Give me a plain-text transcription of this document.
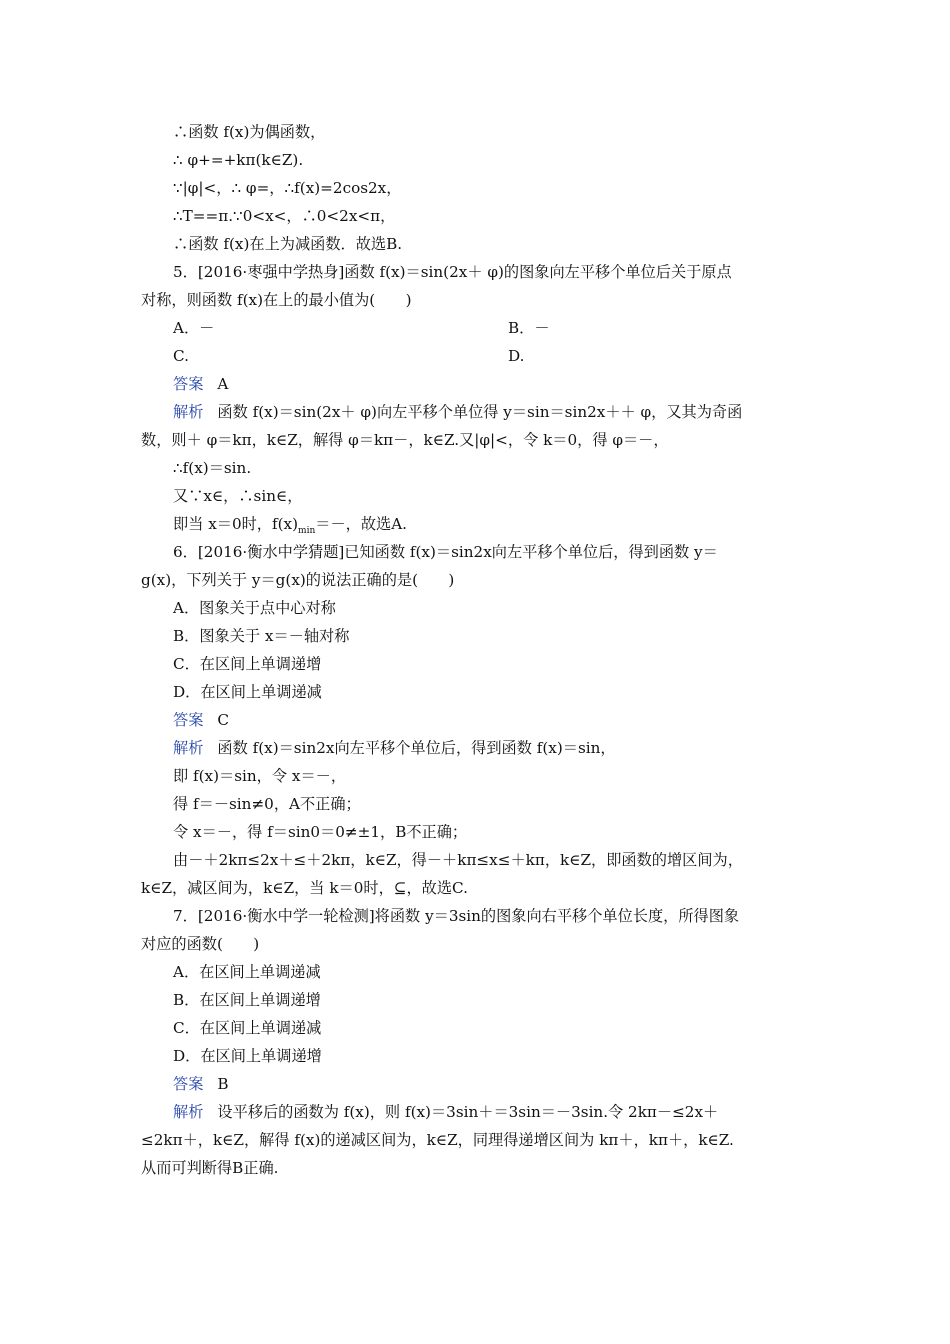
∴函数 f(x)为偶函数，
∴ φ+=+kπ(k∈Z).
∵|φ|<，∴ φ=，∴f(x)=2cos2x，
∴T==π.∵0<x<，∴0<2x<π，
∴函数 f(x)在上为减函数．故选B.
5．[2016·枣强中学热身]函数 f(x)＝sin(2x＋ φ)的图象向左平移个单位后关于原点
对称，则函数 f(x)在上的最小值为(　　)
A．－	B．－
C.	D.
答案 A
解析 函数 f(x)＝sin(2x＋ φ)向左平移个单位得 y＝sin＝sin2x＋＋ φ，又其为奇函
数，则＋ φ＝kπ，k∈Z，解得 φ＝kπ－，k∈Z.又|φ|<，令 k＝0，得 φ＝－，
∴f(x)＝sin.
又∵x∈，∴sin∈，
即当 x＝0时，$f(x)_{min}=-$，故选A.
6．[2016·衡水中学猜题]已知函数 f(x)＝sin2x向左平移个单位后，得到函数 y＝
g(x)，下列关于 y＝g(x)的说法正确的是(　　)
A．图象关于点中心对称
B．图象关于 x＝－轴对称
C．在区间上单调递增
D．在区间上单调递减
答案 C
解析 函数 f(x)＝sin2x向左平移个单位后，得到函数 f(x)＝sin，
即 f(x)＝sin，令 x＝－，
得 f＝－sin≠0，A不正确；
令 x＝－，得 f＝sin0＝0≠±1，B不正确；
由－＋2kπ≤2x＋≤＋2kπ，k∈Z，得－＋kπ≤x≤＋kπ，k∈Z，即函数的增区间为，
k∈Z，减区间为，k∈Z，当 k＝0时，⊆，故选C.
7．[2016·衡水中学一轮检测]将函数 y＝3sin的图象向右平移个单位长度，所得图象
对应的函数(　　)
A．在区间上单调递减
B．在区间上单调递增
C．在区间上单调递减
D．在区间上单调递增
答案 B
解析 设平移后的函数为 f(x)，则 f(x)＝3sin＋＝3sin＝－3sin.令 2kπ－≤2x＋
≤2kπ＋，k∈Z，解得 f(x)的递减区间为，k∈Z，同理得递增区间为 kπ＋，kπ＋，k∈Z.
从而可判断得B正确.
